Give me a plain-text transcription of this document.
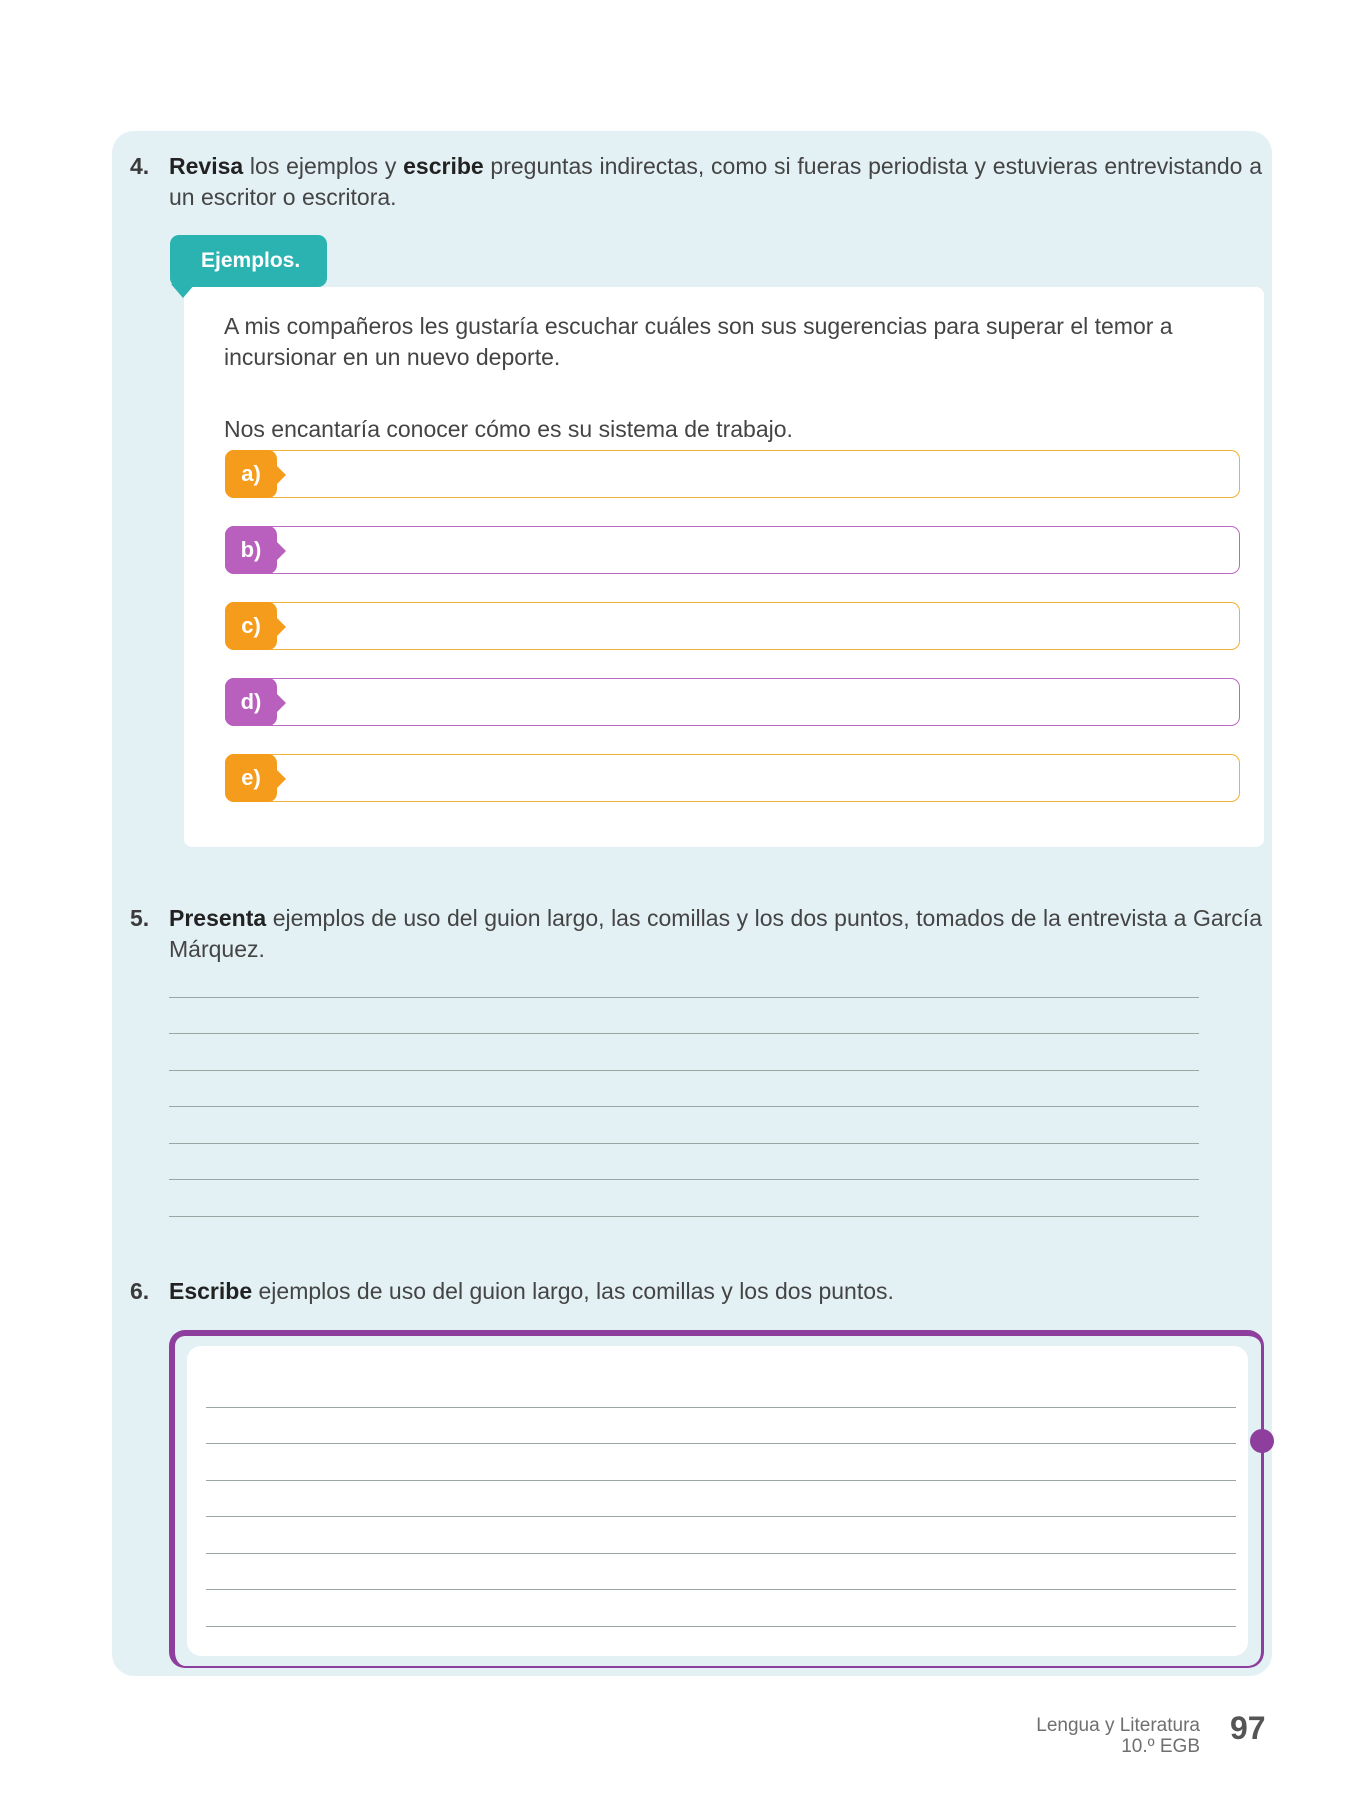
4. Revisa los ejemplos y escribe preguntas indirectas, como si fueras periodista y estuvieras entrevistando a un escritor o escritora.
Ejemplos.
A mis compañeros les gustaría escuchar cuáles son sus sugerencias para superar el temor a incursionar en un nuevo deporte.
Nos encantaría conocer cómo es su sistema de trabajo.
a)
b)
c)
d)
e)
5. Presenta ejemplos de uso del guion largo, las comillas y los dos puntos, tomados de la entrevista a García Márquez.
6. Escribe ejemplos de uso del guion largo, las comillas y los dos puntos.
Lengua y Literatura
10.º EGB
97
